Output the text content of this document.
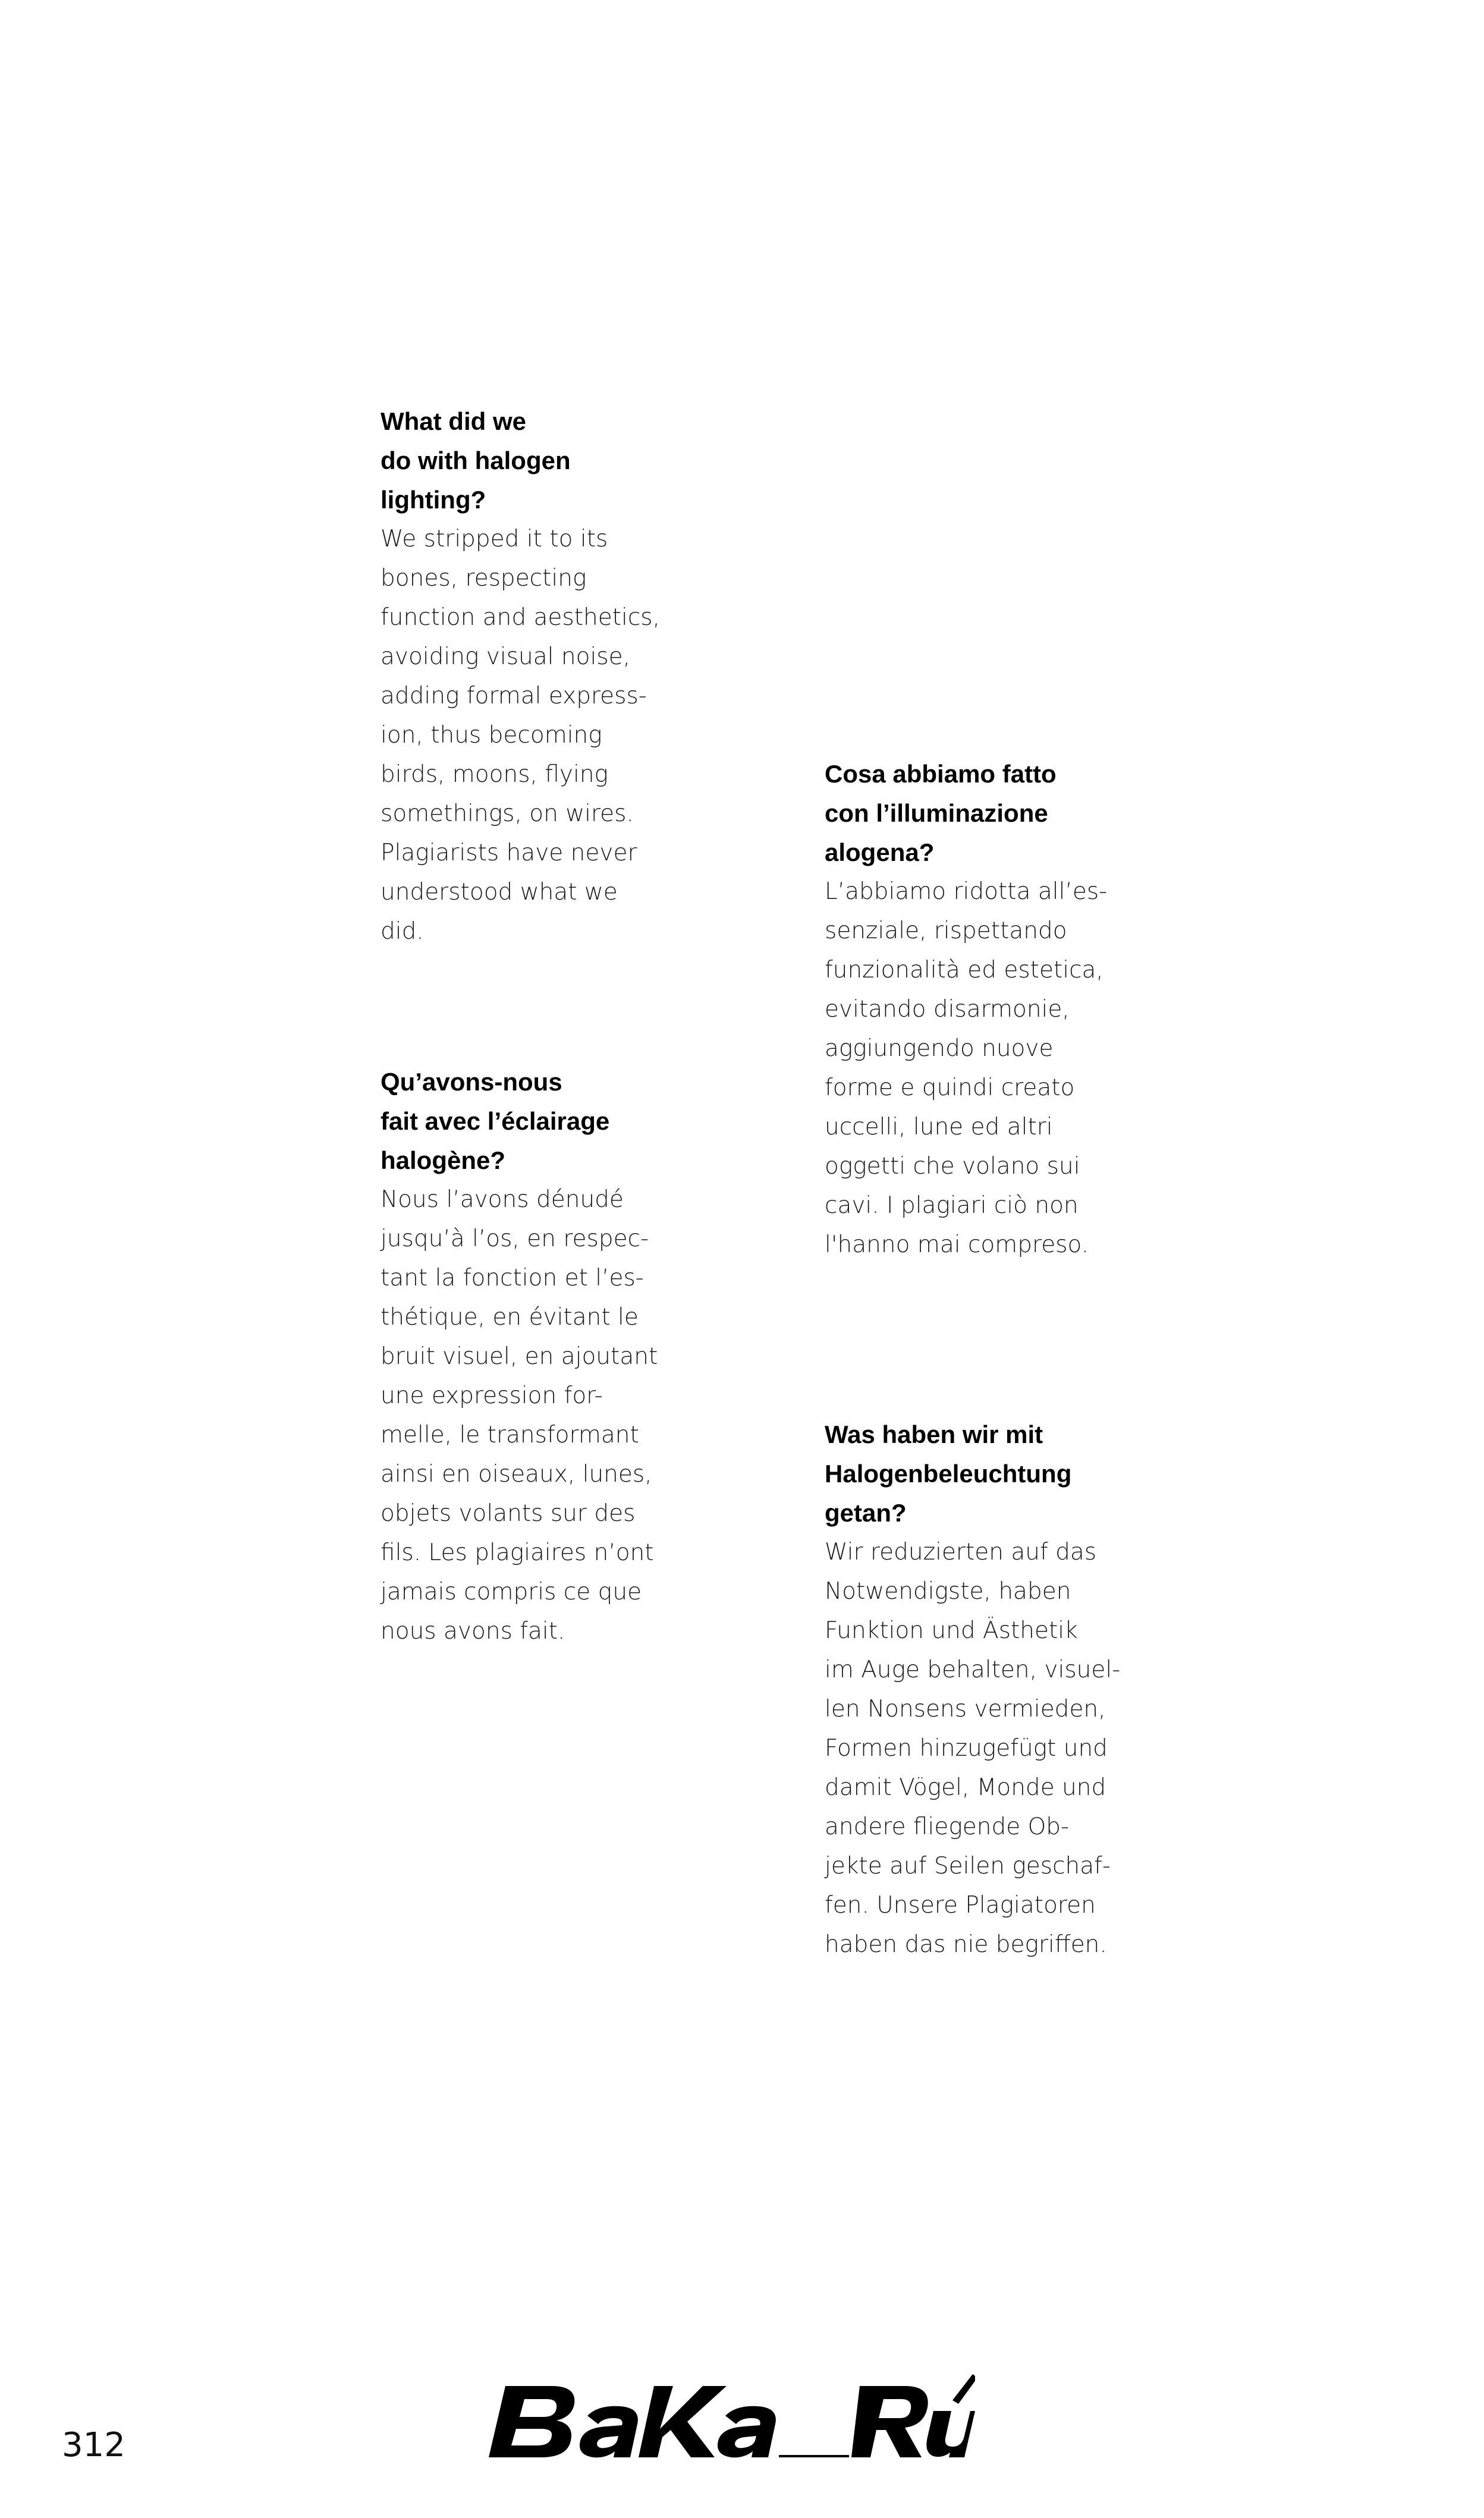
What did we
do with halogen
lighting?
We stripped it to its
bones, respecting
function and aesthetics,
avoiding visual noise,
adding formal express-
ion, thus becoming
birds, moons, flying
somethings, on wires.
Plagiarists have never
understood what we
did.
Cosa abbiamo fatto
con l’illuminazione
alogena?
L’abbiamo ridotta all’es-
senziale, rispettando
funzionalità ed estetica,
evitando disarmonie,
aggiungendo nuove
forme e quindi creato
uccelli, lune ed altri
oggetti che volano sui
cavi. I plagiari ciò non
l'hanno mai compreso.
Qu’avons-nous
fait avec l’éclairage
halogène?
Nous l’avons dénudé
jusqu’à l’os, en respec-
tant la fonction et l’es-
thétique, en évitant le
bruit visuel, en ajoutant
une expression for-
melle, le transformant
ainsi en oiseaux, lunes,
objets volants sur des
fils. Les plagiaires n’ont
jamais compris ce que
nous avons fait.
Was haben wir mit
Halogenbeleuchtung
getan?
Wir reduzierten auf das
Notwendigste, haben
Funktion und Ästhetik
im Auge behalten, visuel-
len Nonsens vermieden,
Formen hinzugefügt und
damit Vögel, Monde und
andere fliegende Ob-
jekte auf Seilen geschaf-
fen. Unsere Plagiatoren
haben das nie begriffen.
312
